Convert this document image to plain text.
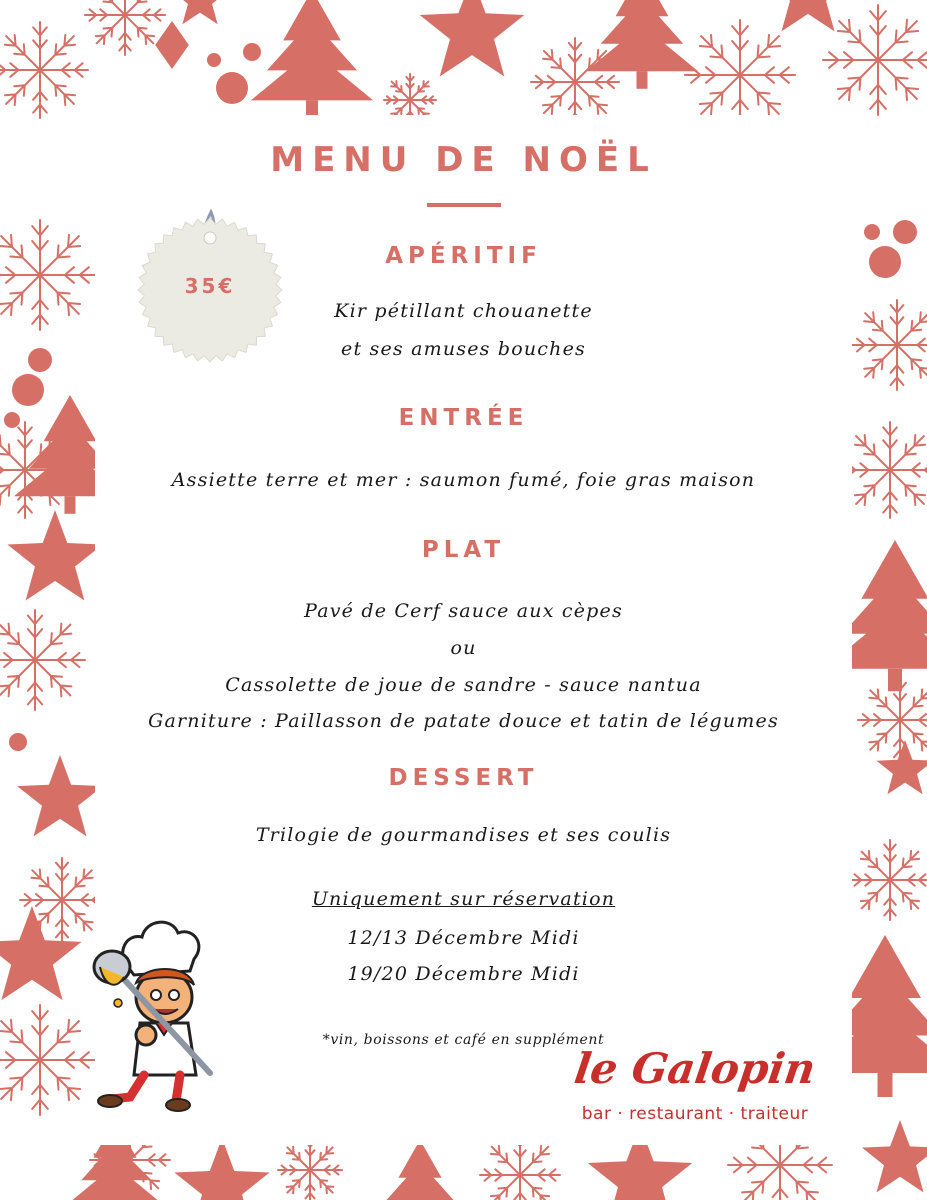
MENU DE NOËL
35€
APÉRITIF
Kir pétillant chouanette
et ses amuses bouches
ENTRÉE
Assiette terre et mer : saumon fumé, foie gras maison
PLAT
Pavé de Cerf sauce aux cèpes
ou
Cassolette de joue de sandre - sauce nantua
Garniture : Paillasson de patate douce et tatin de légumes
DESSERT
Trilogie de gourmandises et ses coulis
Uniquement sur réservation
12/13 Décembre Midi
19/20 Décembre Midi
*vin, boissons et café en supplément
le Galopin
bar · restaurant · traiteur
